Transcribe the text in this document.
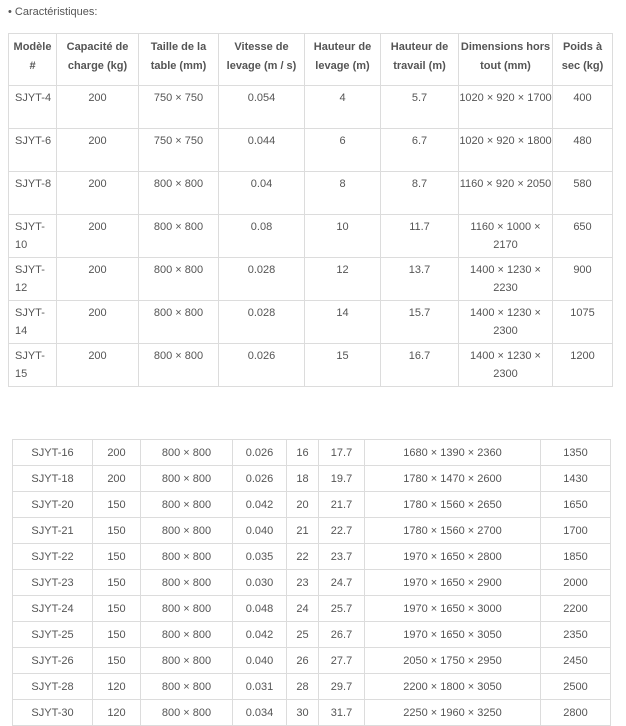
• Caractéristiques:
Modèle #	Capacité de charge (kg)	Taille de la table (mm)	Vitesse de levage (m / s)	Hauteur de levage (m)	Hauteur de travail (m)	Dimensions hors tout (mm)	Poids à sec (kg)
SJYT-4	200	750 × 750	0.054	4	5.7	1020 × 920 × 1700	400
SJYT-6	200	750 × 750	0.044	6	6.7	1020 × 920 × 1800	480
SJYT-8	200	800 × 800	0.04	8	8.7	1160 × 920 × 2050	580
SJYT-10	200	800 × 800	0.08	10	11.7	1160 × 1000 × 2170	650
SJYT-12	200	800 × 800	0.028	12	13.7	1400 × 1230 × 2230	900
SJYT-14	200	800 × 800	0.028	14	15.7	1400 × 1230 × 2300	1075
SJYT-15	200	800 × 800	0.026	15	16.7	1400 × 1230 × 2300	1200
SJYT-16	200	800 × 800	0.026	16	17.7	1680 × 1390 × 2360	1350
SJYT-18	200	800 × 800	0.026	18	19.7	1780 × 1470 × 2600	1430
SJYT-20	150	800 × 800	0.042	20	21.7	1780 × 1560 × 2650	1650
SJYT-21	150	800 × 800	0.040	21	22.7	1780 × 1560 × 2700	1700
SJYT-22	150	800 × 800	0.035	22	23.7	1970 × 1650 × 2800	1850
SJYT-23	150	800 × 800	0.030	23	24.7	1970 × 1650 × 2900	2000
SJYT-24	150	800 × 800	0.048	24	25.7	1970 × 1650 × 3000	2200
SJYT-25	150	800 × 800	0.042	25	26.7	1970 × 1650 × 3050	2350
SJYT-26	150	800 × 800	0.040	26	27.7	2050 × 1750 × 2950	2450
SJYT-28	120	800 × 800	0.031	28	29.7	2200 × 1800 × 3050	2500
SJYT-30	120	800 × 800	0.034	30	31.7	2250 × 1960 × 3250	2800
